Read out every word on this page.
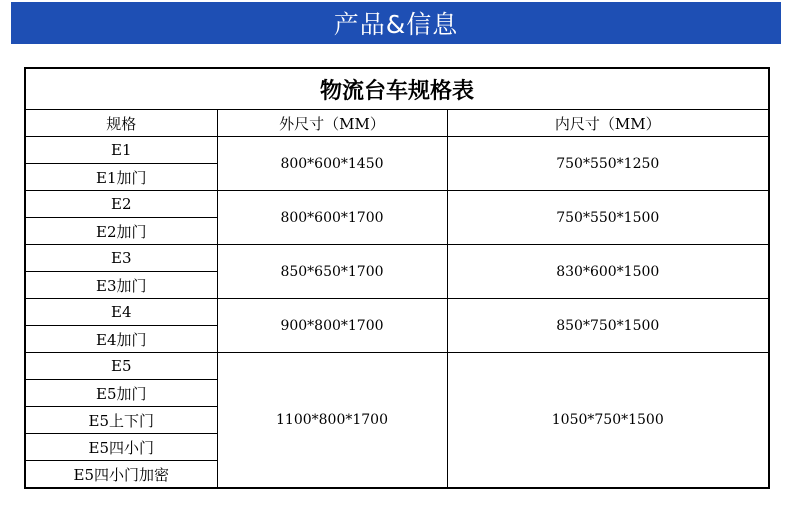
产品&信息
物流台车规格表		
规格	外尺寸（MM）	内尺寸（MM）
E1	800*600*1450	750*550*1250
E1加门		
E2	800*600*1700	750*550*1500
E2加门		
E3	850*650*1700	830*600*1500
E3加门		
E4	900*800*1700	850*750*1500
E4加门		
E5	1100*800*1700	1050*750*1500
E5加门		
E5上下门		
E5四小门		
E5四小门加密		
